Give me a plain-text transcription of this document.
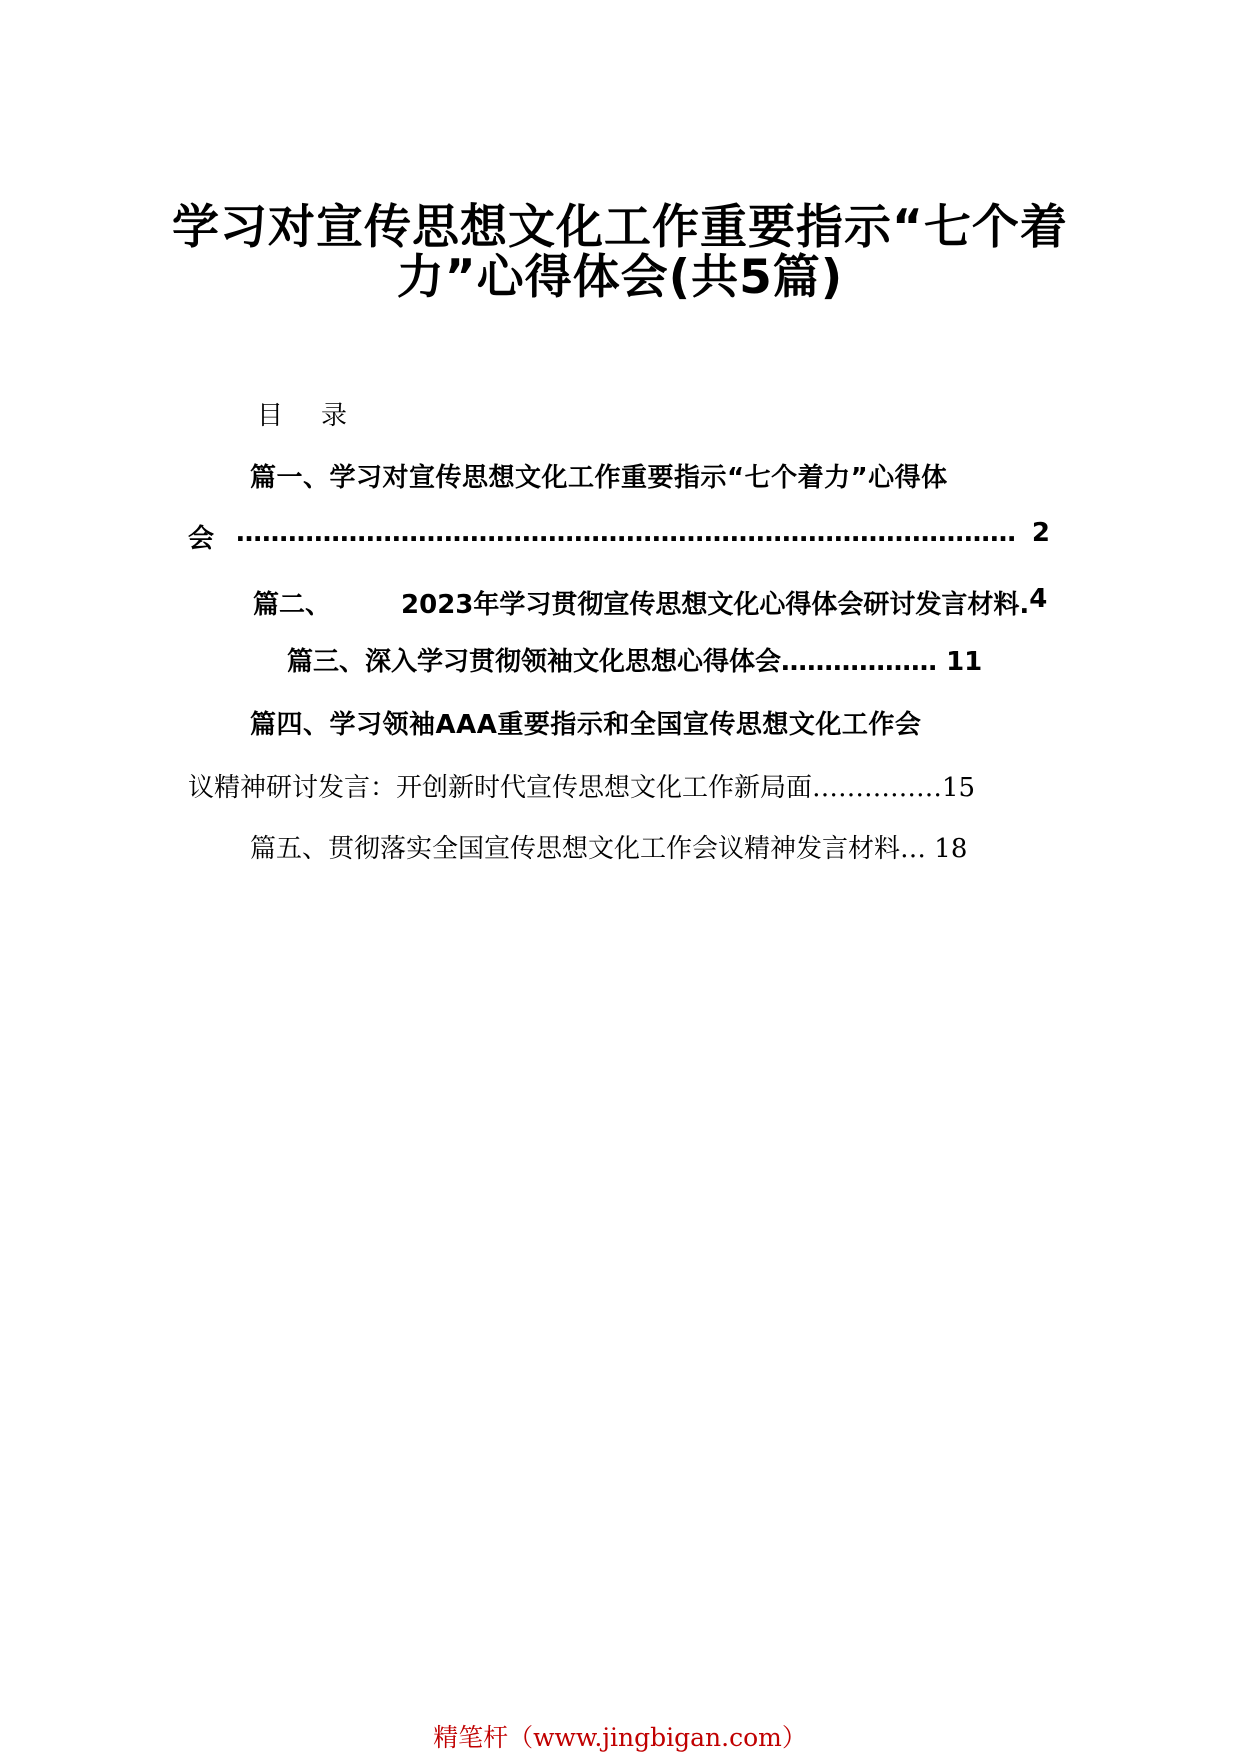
学习对宣传思想文化工作重要指示“七个着
力”心得体会(共5篇)
目 录
篇一、学习对宣传思想文化工作重要指示“七个着力”心得体
会 ……………………………………………………………………………… 2
篇二、	2023年学习贯彻宣传思想文化心得体会研讨发言材料. 4
篇三、深入学习贯彻领袖文化思想心得体会……………… 11
篇四、学习领袖AAA重要指示和全国宣传思想文化工作会
议精神研讨发言：开创新时代宣传思想文化工作新局面……………15
篇五、贯彻落实全国宣传思想文化工作会议精神发言材料… 18
精笔杆（www.jingbigan.com）
